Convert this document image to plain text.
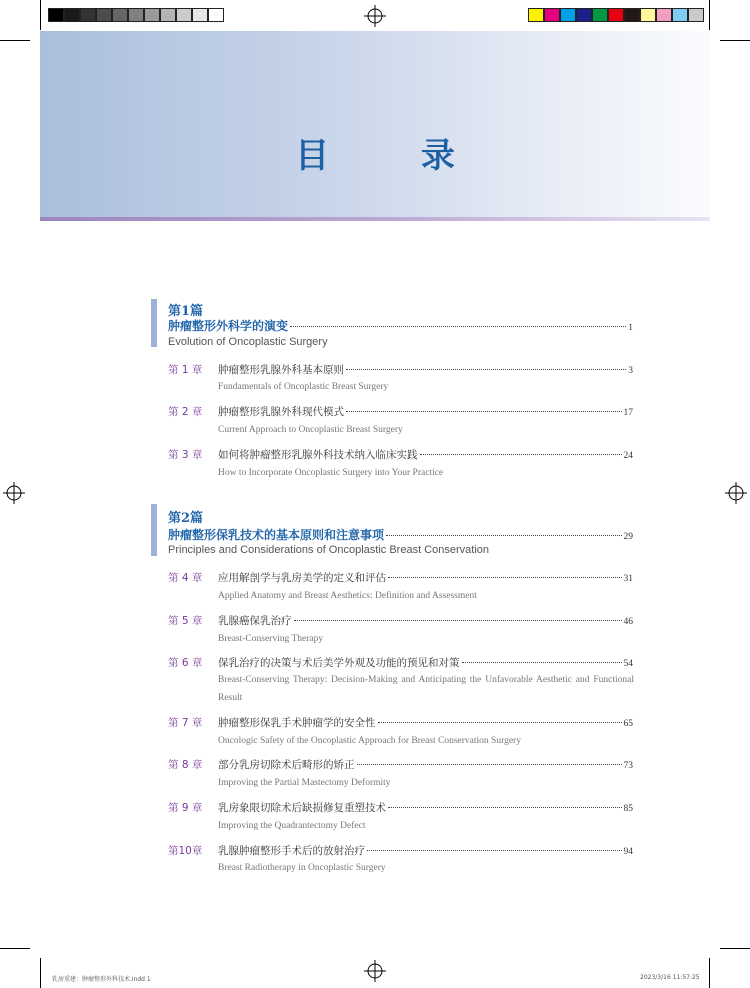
目 录
第1篇
肿瘤整形外科学的演变	1
Evolution of Oncoplastic Surgery
第 1 章 肿瘤整形乳腺外科基本原则	3
Fundamentals of Oncoplastic Breast Surgery
第 2 章 肿瘤整形乳腺外科现代模式	17
Current Approach to Oncoplastic Breast Surgery
第 3 章 如何将肿瘤整形乳腺外科技术纳入临床实践	24
How to Incorporate Oncoplastic Surgery into Your Practice
第2篇
肿瘤整形保乳技术的基本原则和注意事项	29
Principles and Considerations of Oncoplastic Breast Conservation
第 4 章 应用解剖学与乳房美学的定义和评估	31
Applied Anatomy and Breast Aesthetics: Definition and Assessment
第 5 章 乳腺癌保乳治疗	46
Breast-Conserving Therapy
第 6 章 保乳治疗的决策与术后美学外观及功能的预见和对策	54
Breast-Conserving Therapy: Decision-Making and Anticipating the Unfavorable Aesthetic and Functional Result
第 7 章 肿瘤整形保乳手术肿瘤学的安全性	65
Oncologic Safety of the Oncoplastic Approach for Breast Conservation Surgery
第 8 章 部分乳房切除术后畸形的矫正	73
Improving the Partial Mastectomy Deformity
第 9 章 乳房象限切除术后缺损修复重塑技术	85
Improving the Quadrantectomy Defect
第10章 乳腺肿瘤整形手术后的放射治疗	94
Breast Radiotherapy in Oncoplastic Surgery
乳房重建：肿瘤整形外科技术.indd 1	2023/3/16 11:57:25
